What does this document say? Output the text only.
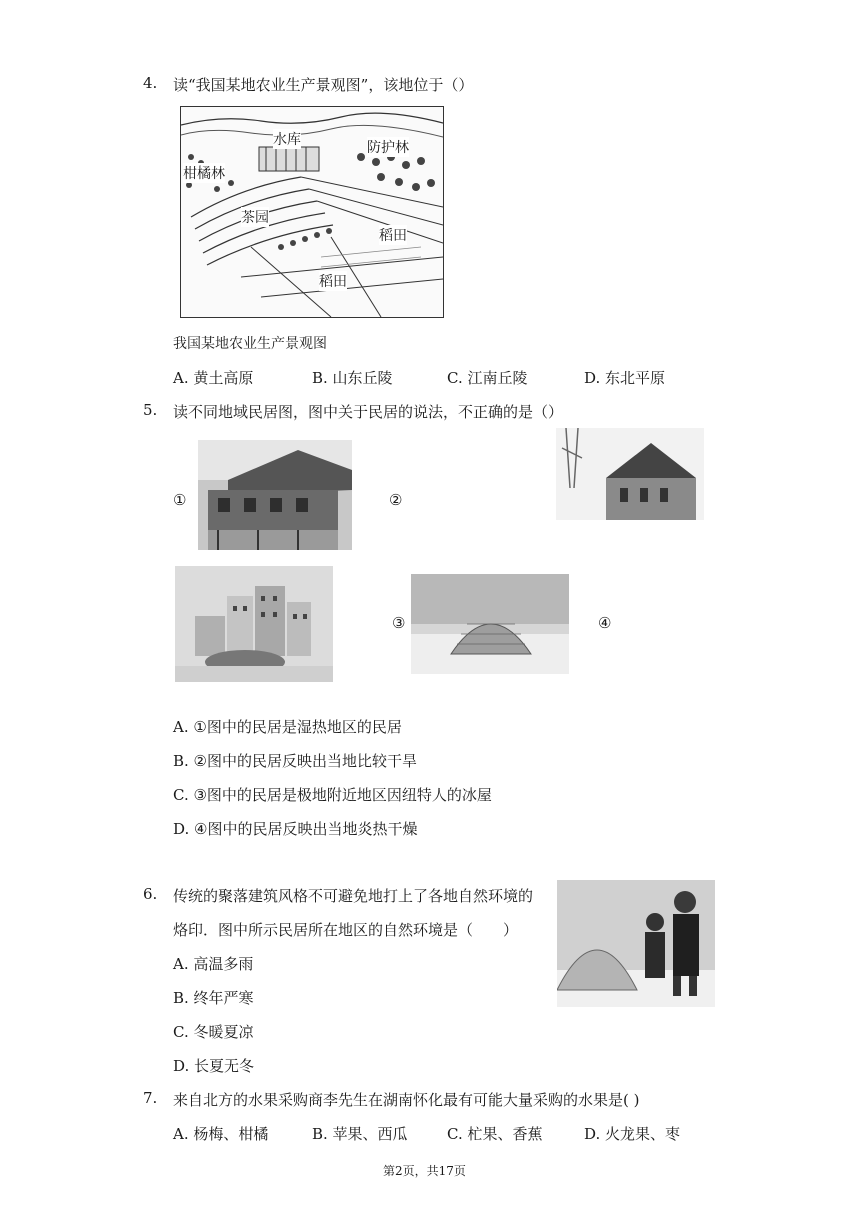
4. 读“我国某地农业生产景观图”，该地位于（）
水库	防护林
柑橘林
茶园
稻田
稻田
我国某地农业生产景观图
A. 黄土高原	B. 山东丘陵	C. 江南丘陵	D. 东北平原
5. 读不同地域民居图，图中关于民居的说法，不正确的是（）
①	②
③	④
A. ①图中的民居是湿热地区的民居
B. ②图中的民居反映出当地比较干旱
C. ③图中的民居是极地附近地区因纽特人的冰屋
D. ④图中的民居反映出当地炎热干燥
6. 传统的聚落建筑风格不可避免地打上了各地自然环境的
烙印．图中所示民居所在地区的自然环境是（　　）
A. 高温多雨
B. 终年严寒
C. 冬暖夏凉
D. 长夏无冬
7. 来自北方的水果采购商李先生在湖南怀化最有可能大量采购的水果是( )
A. 杨梅、柑橘	B. 苹果、西瓜	C. 杧果、香蕉	D. 火龙果、枣
第2页，共17页
